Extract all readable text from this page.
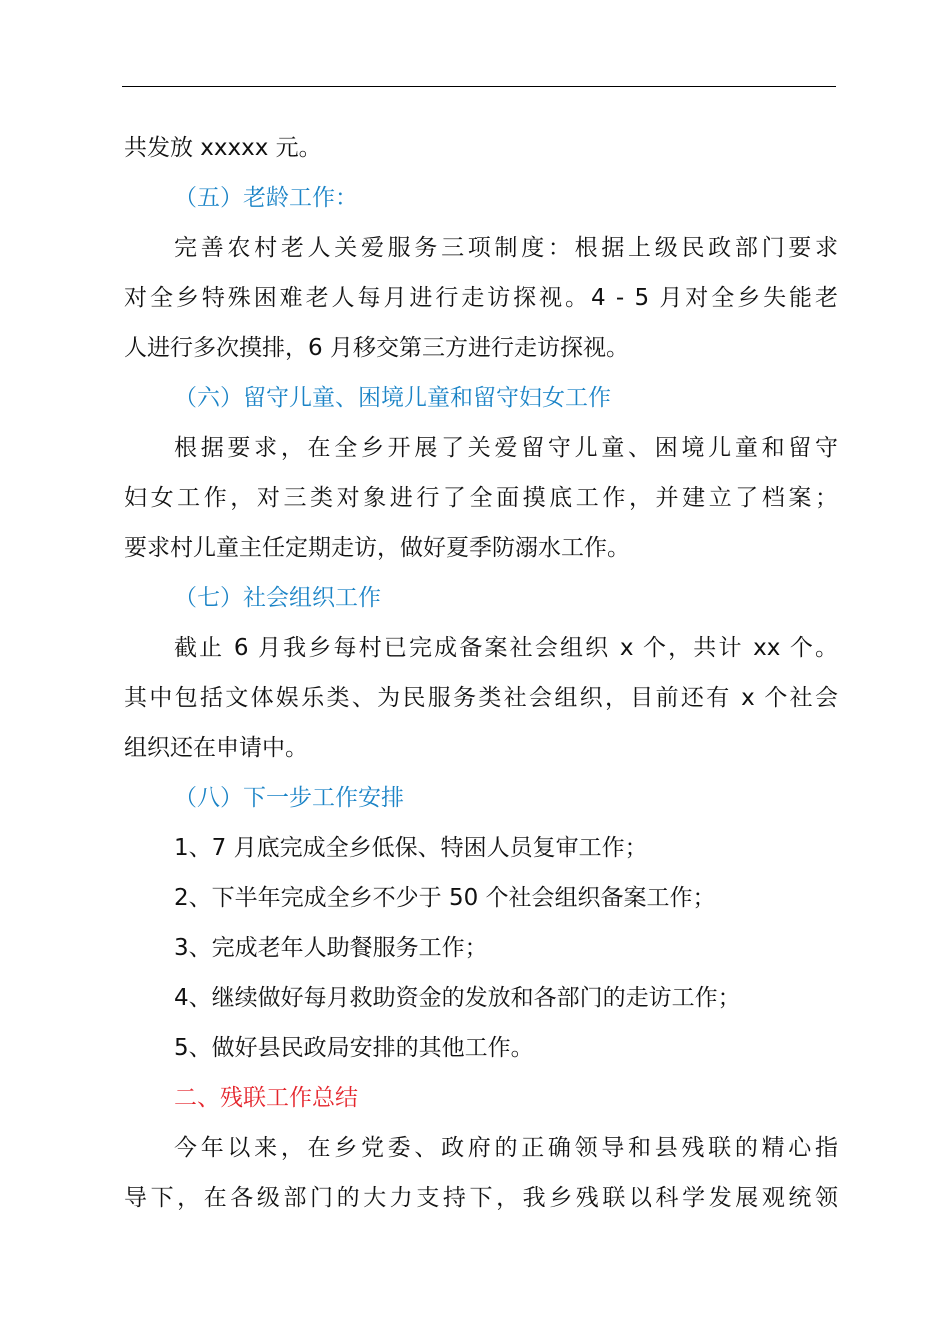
共发放 xxxxx 元。
（五）老龄工作：
完善农村老人关爱服务三项制度：根据上级民政部门要求
对全乡特殊困难老人每月进行走访探视。4 - 5 月对全乡失能老
人进行多次摸排，6 月移交第三方进行走访探视。
（六）留守儿童、困境儿童和留守妇女工作
根据要求，在全乡开展了关爱留守儿童、困境儿童和留守
妇女工作，对三类对象进行了全面摸底工作，并建立了档案；
要求村儿童主任定期走访，做好夏季防溺水工作。
（七）社会组织工作
截止 6 月我乡每村已完成备案社会组织 x 个，共计 xx 个。
其中包括文体娱乐类、为民服务类社会组织，目前还有 x 个社会
组织还在申请中。
（八）下一步工作安排
1、7 月底完成全乡低保、特困人员复审工作；
2、下半年完成全乡不少于 50 个社会组织备案工作；
3、完成老年人助餐服务工作；
4、继续做好每月救助资金的发放和各部门的走访工作；
5、做好县民政局安排的其他工作。
二、残联工作总结
今年以来，在乡党委、政府的正确领导和县残联的精心指
导下，在各级部门的大力支持下，我乡残联以科学发展观统领
